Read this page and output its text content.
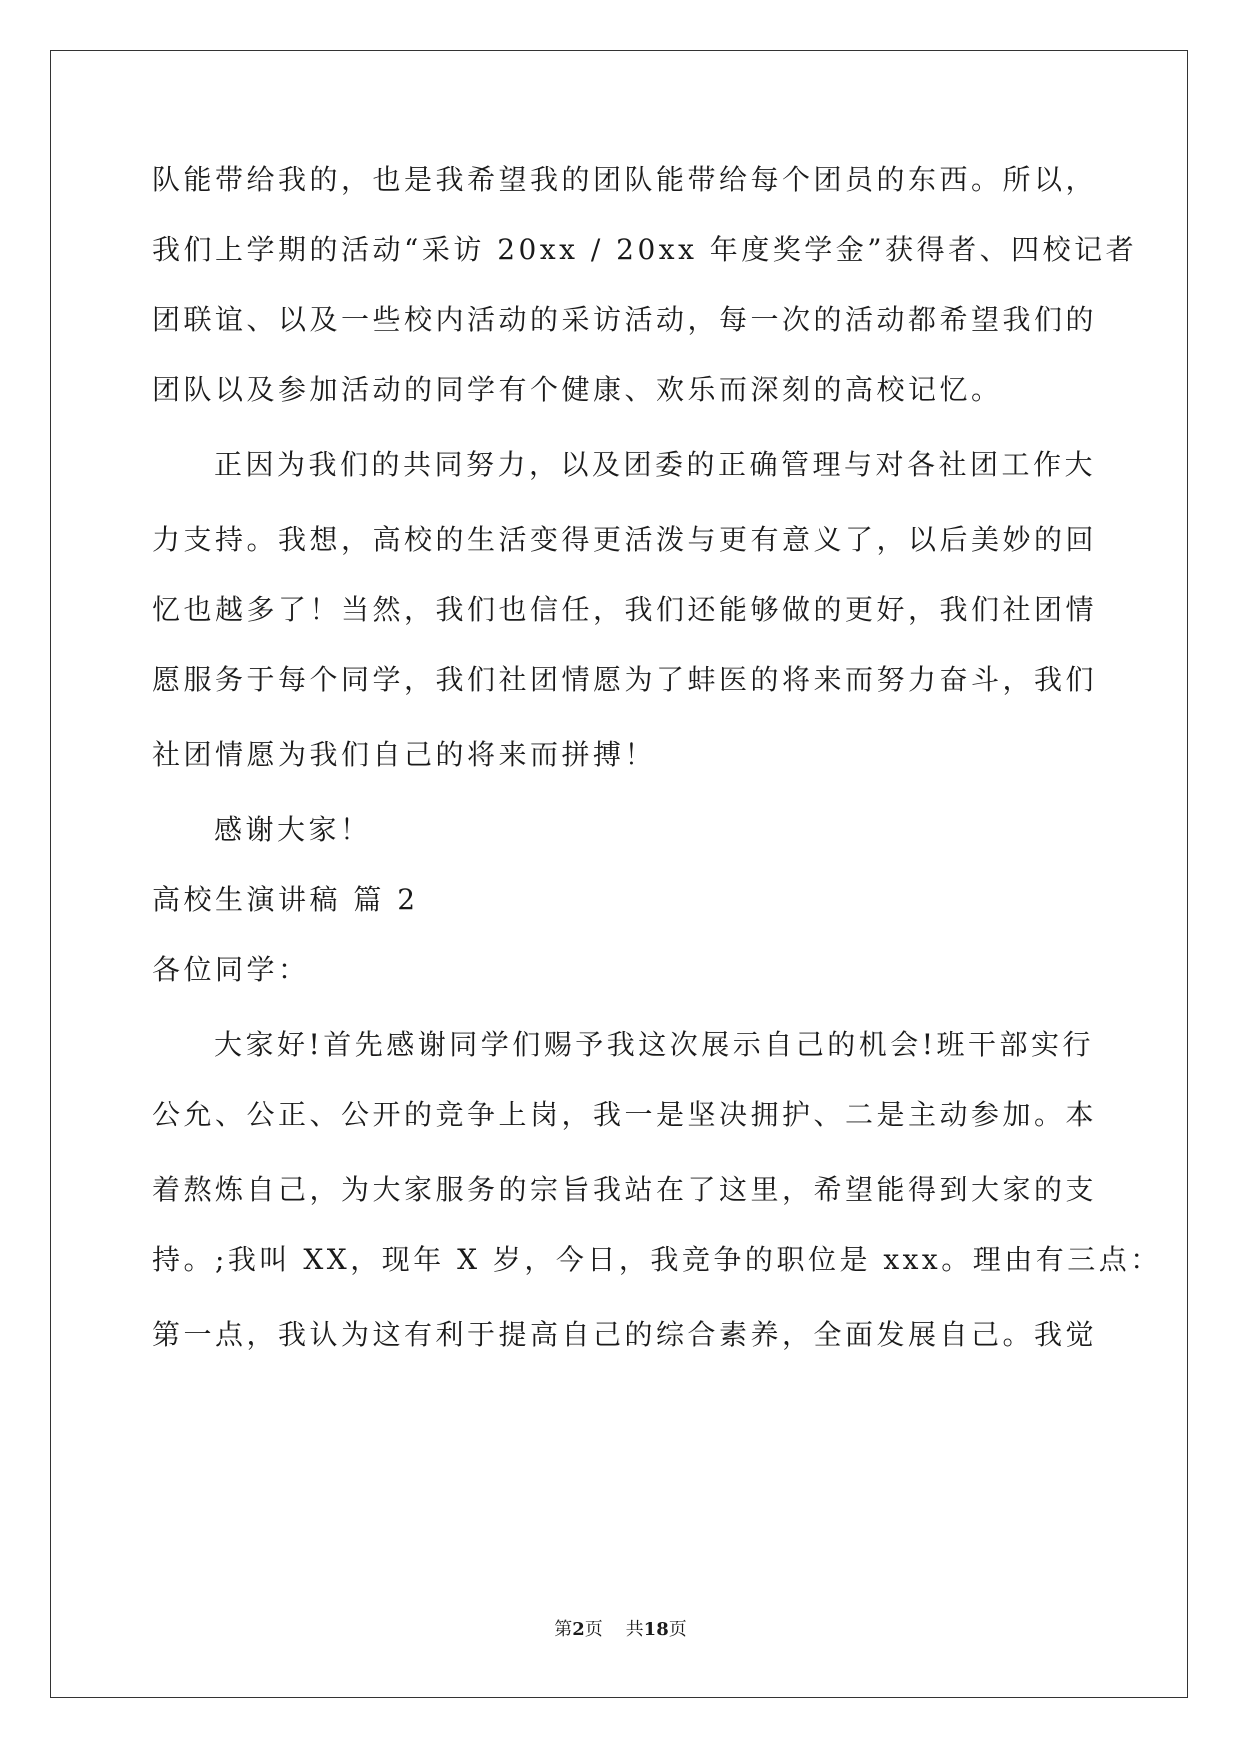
队能带给我的，也是我希望我的团队能带给每个团员的东西。所以，
我们上学期的活动“采访 20xx / 20xx 年度奖学金”获得者、四校记者
团联谊、以及一些校内活动的采访活动，每一次的活动都希望我们的
团队以及参加活动的同学有个健康、欢乐而深刻的高校记忆。
正因为我们的共同努力，以及团委的正确管理与对各社团工作大
力支持。我想，高校的生活变得更活泼与更有意义了，以后美妙的回
忆也越多了！当然，我们也信任，我们还能够做的更好，我们社团情
愿服务于每个同学，我们社团情愿为了蚌医的将来而努力奋斗，我们
社团情愿为我们自己的将来而拼搏！
感谢大家！
高校生演讲稿 篇 2
各位同学：
大家好!首先感谢同学们赐予我这次展示自己的机会!班干部实行
公允、公正、公开的竞争上岗，我一是坚决拥护、二是主动参加。本
着熬炼自己，为大家服务的宗旨我站在了这里，希望能得到大家的支
持。;我叫 XX，现年 X 岁，今日，我竞争的职位是 xxx。理由有三点：
第一点，我认为这有利于提高自己的综合素养，全面发展自己。我觉
第2页 共18页
